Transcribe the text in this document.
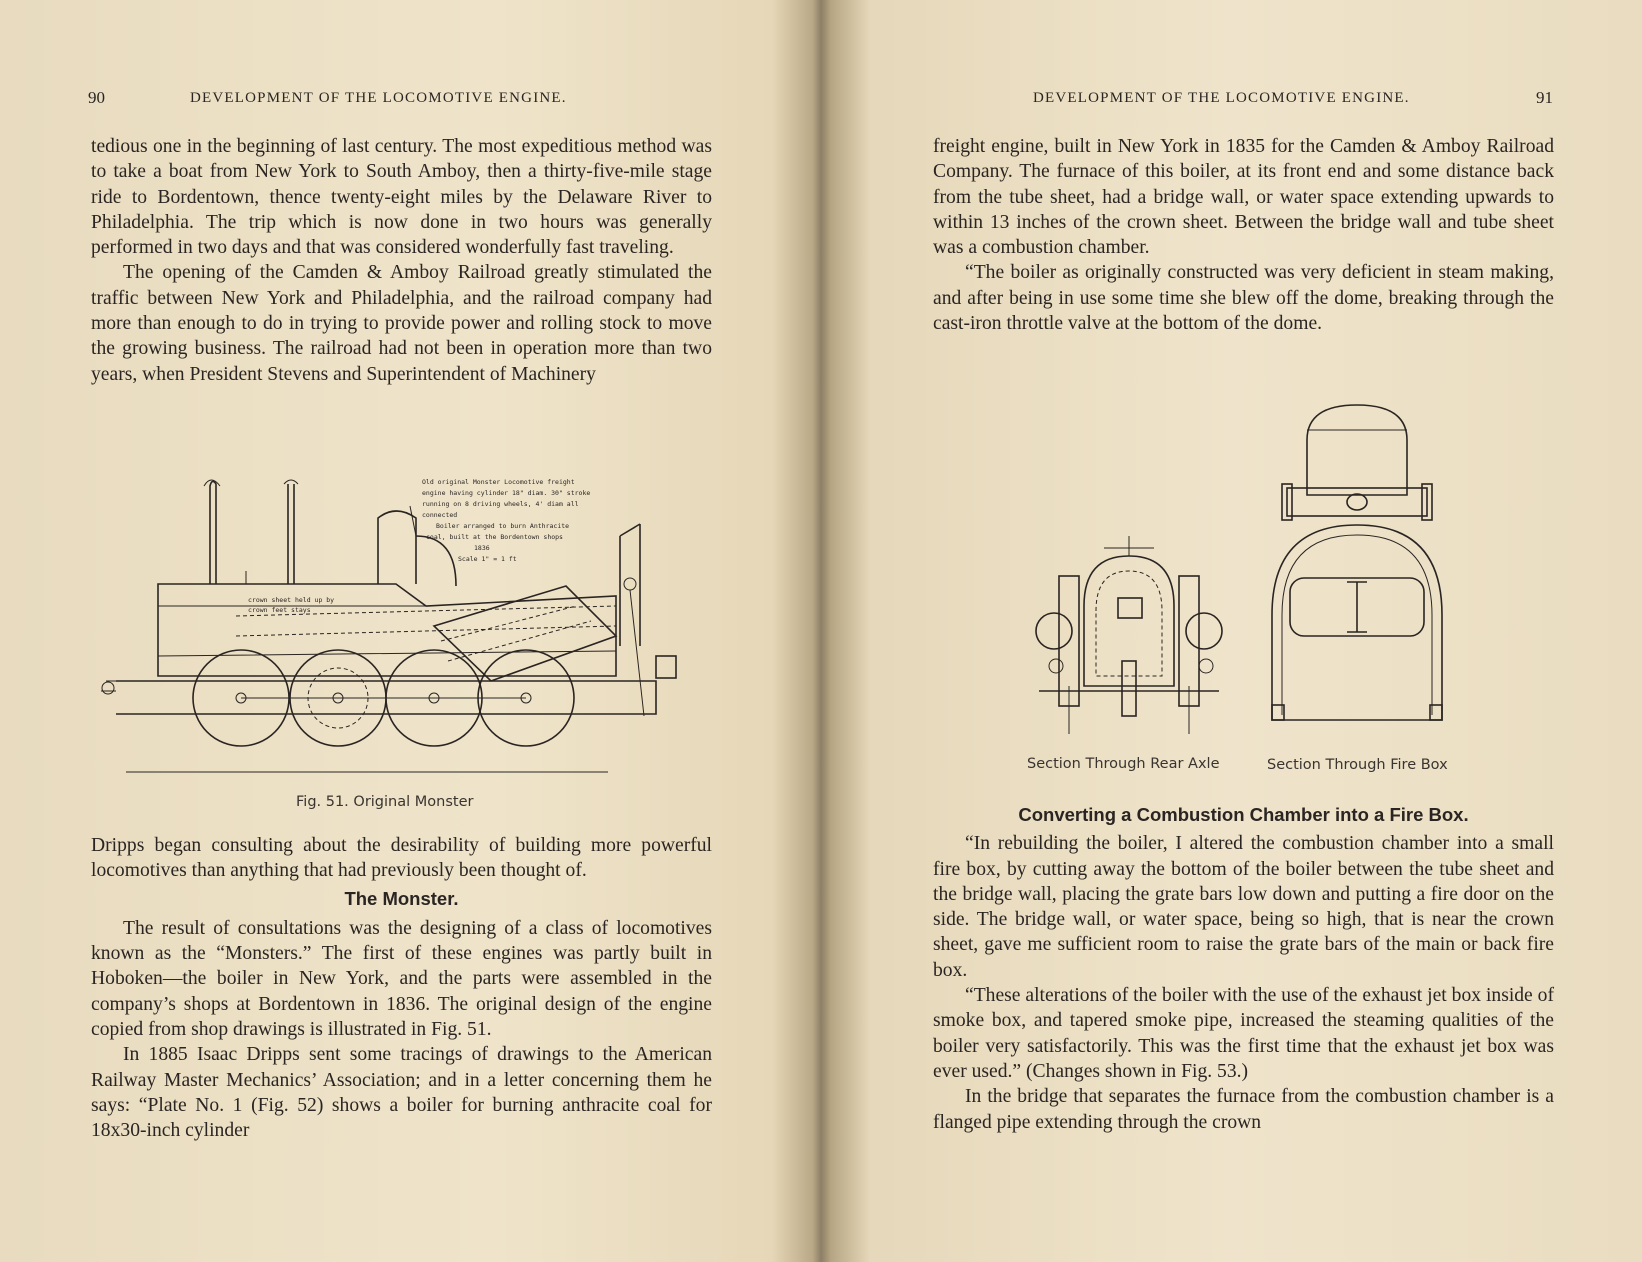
90	DEVELOPMENT OF THE LOCOMOTIVE ENGINE.

tedious one in the beginning of last century. The most expeditious method was to take a boat from New York to South Amboy, then a thirty-five-mile stage ride to Bordentown, thence twenty-eight miles by the Delaware River to Philadelphia. The trip which is now done in two hours was generally performed in two days and that was considered wonderfully fast traveling.

The opening of the Camden & Amboy Railroad greatly stimulated the traffic between New York and Philadelphia, and the railroad company had more than enough to do in trying to provide power and rolling stock to move the growing business. The railroad had not been in operation more than two years, when President Stevens and Superintendent of Machinery

Old original Monster Locomotive freight
engine having cylinder 18" diam. 30" stroke
running on 8 driving wheels, 4' diam all
connected
Boiler arranged to burn Anthracite
coal, built at the Bordentown shops
1836
Scale 1" = 1 ft
crown sheet held up by
crown feet stays
Fig. 51. Original Monster

Dripps began consulting about the desirability of building more powerful locomotives than anything that had previously been thought of.

The Monster.

The result of consultations was the designing of a class of locomotives known as the “Monsters.” The first of these engines was partly built in Hoboken—the boiler in New York, and the parts were assembled in the company’s shops at Bordentown in 1836. The original design of the engine copied from shop drawings is illustrated in Fig. 51.

In 1885 Isaac Dripps sent some tracings of drawings to the American Railway Master Mechanics’ Association; and in a letter concerning them he says: “Plate No. 1 (Fig. 52) shows a boiler for burning anthracite coal for 18x30-inch cylinder

DEVELOPMENT OF THE LOCOMOTIVE ENGINE.	91

freight engine, built in New York in 1835 for the Camden & Amboy Railroad Company. The furnace of this boiler, at its front end and some distance back from the tube sheet, had a bridge wall, or water space extending upwards to within 13 inches of the crown sheet. Between the bridge wall and tube sheet was a combustion chamber.

“The boiler as originally constructed was very deficient in steam making, and after being in use some time she blew off the dome, breaking through the cast-iron throttle valve at the bottom of the dome.

Section Through Rear Axle	Section Through Fire Box

Converting a Combustion Chamber into a Fire Box.

“In rebuilding the boiler, I altered the combustion chamber into a small fire box, by cutting away the bottom of the boiler between the tube sheet and the bridge wall, placing the grate bars low down and putting a fire door on the side. The bridge wall, or water space, being so high, that is near the crown sheet, gave me sufficient room to raise the grate bars of the main or back fire box.

“These alterations of the boiler with the use of the exhaust jet box inside of smoke box, and tapered smoke pipe, increased the steaming qualities of the boiler very satisfactorily. This was the first time that the exhaust jet box was ever used.” (Changes shown in Fig. 53.)

In the bridge that separates the furnace from the combustion chamber is a flanged pipe extending through the crown
